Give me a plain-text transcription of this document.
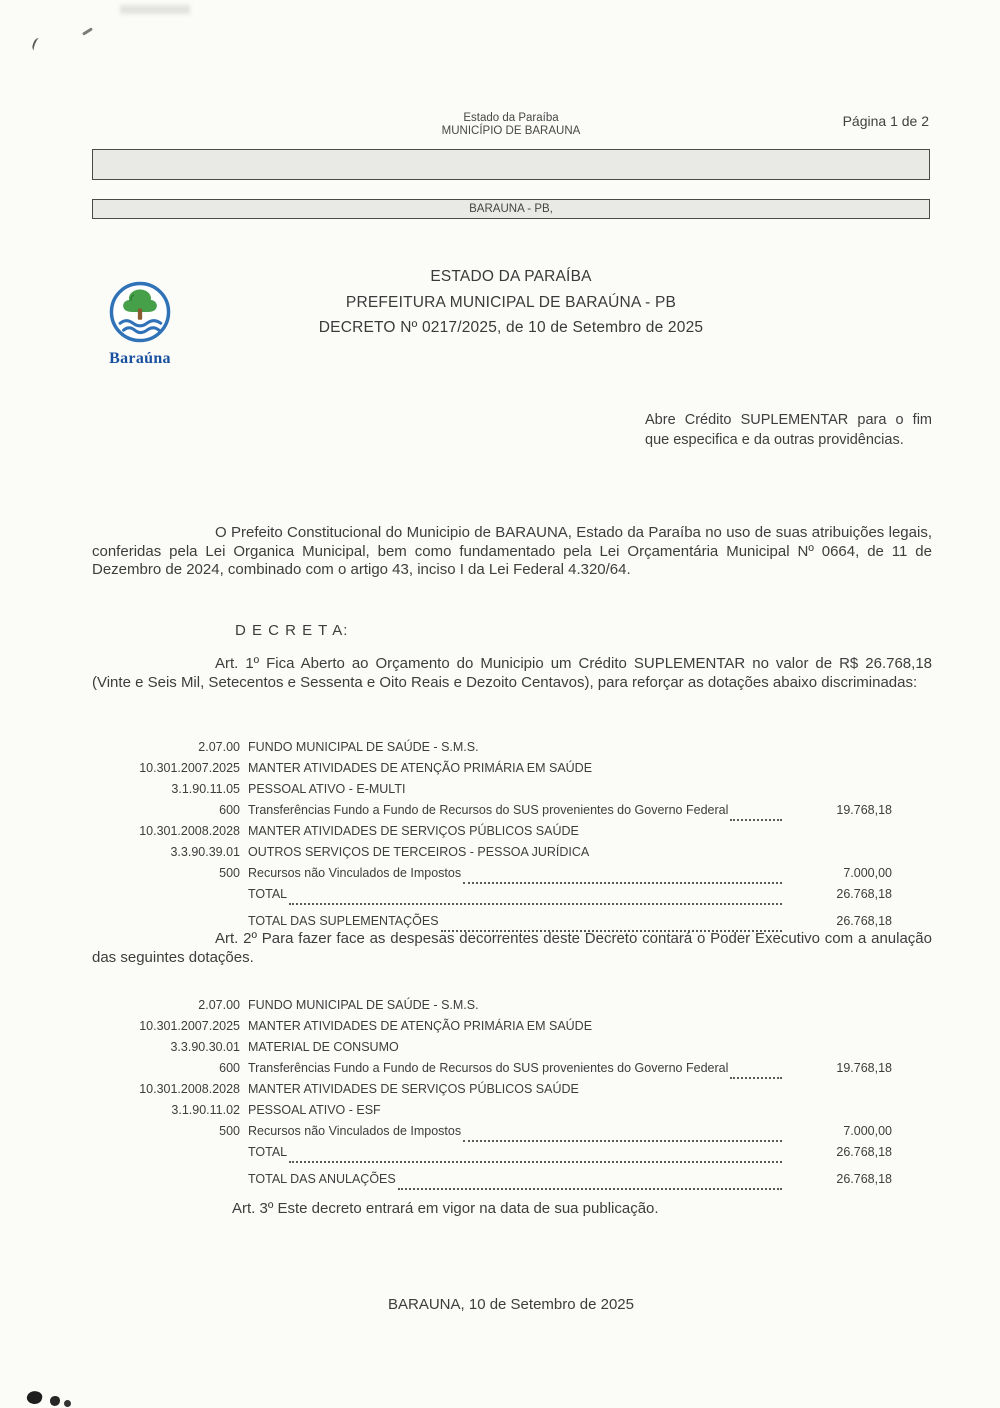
Estado da Paraíba
MUNICÍPIO DE BARAUNA
Página 1 de 2
BARAUNA - PB,
Baraúna
ESTADO DA PARAÍBA
PREFEITURA MUNICIPAL DE BARAÚNA - PB
DECRETO Nº 0217/2025, de 10 de Setembro de 2025
Abre Crédito SUPLEMENTAR para o fim que especifica e da outras providências.
O Prefeito Constitucional do Municipio de BARAUNA, Estado da Paraíba no uso de suas atribuições legais, conferidas pela Lei Organica Municipal, bem como fundamentado pela Lei Orçamentária Municipal Nº 0664, de 11 de Dezembro de 2024, combinado com o artigo 43, inciso I da Lei Federal 4.320/64.
D E C R E T A:
Art. 1º Fica Aberto ao Orçamento do Municipio um Crédito SUPLEMENTAR no valor de R$ 26.768,18 (Vinte e Seis Mil, Setecentos e Sessenta e Oito Reais e Dezoito Centavos), para reforçar as dotações abaixo discriminadas:
2.07.00 FUNDO MUNICIPAL DE SAÚDE - S.M.S.
10.301.2007.2025 MANTER ATIVIDADES DE ATENÇÃO PRIMÁRIA EM SAÚDE
3.1.90.11.05 PESSOAL ATIVO - E-MULTI
600 Transferências Fundo a Fundo de Recursos do SUS provenientes do Governo Federal	19.768,18
10.301.2008.2028 MANTER ATIVIDADES DE SERVIÇOS PÚBLICOS SAÚDE
3.3.90.39.01 OUTROS SERVIÇOS DE TERCEIROS - PESSOA JURÍDICA
500 Recursos não Vinculados de Impostos	7.000,00
TOTAL	26.768,18
TOTAL DAS SUPLEMENTAÇÕES	26.768,18
Art. 2º Para fazer face as despesas decorrentes deste Decreto contará o Poder Executivo com a anulação das seguintes dotações.
2.07.00 FUNDO MUNICIPAL DE SAÚDE - S.M.S.
10.301.2007.2025 MANTER ATIVIDADES DE ATENÇÃO PRIMÁRIA EM SAÚDE
3.3.90.30.01 MATERIAL DE CONSUMO
600 Transferências Fundo a Fundo de Recursos do SUS provenientes do Governo Federal	19.768,18
10.301.2008.2028 MANTER ATIVIDADES DE SERVIÇOS PÚBLICOS SAÚDE
3.1.90.11.02 PESSOAL ATIVO - ESF
500 Recursos não Vinculados de Impostos	7.000,00
TOTAL	26.768,18
TOTAL DAS ANULAÇÕES	26.768,18
Art. 3º Este decreto entrará em vigor na data de sua publicação.
BARAUNA, 10 de Setembro de 2025
